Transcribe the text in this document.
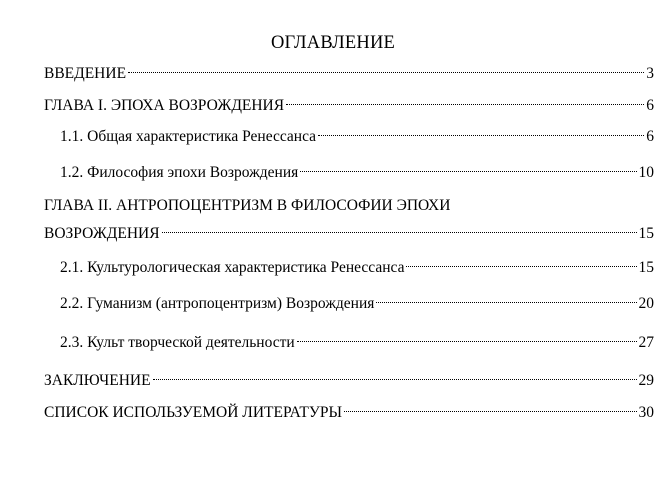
ОГЛАВЛЕНИЕ
ВВЕДЕНИЕ	3
ГЛАВА I. ЭПОХА ВОЗРОЖДЕНИЯ	6
1.1. Общая характеристика Ренессанса	6
1.2. Философия эпохи Возрождения	10
ГЛАВА II. АНТРОПОЦЕНТРИЗМ В ФИЛОСОФИИ ЭПОХИ
ВОЗРОЖДЕНИЯ	15
2.1. Культурологическая характеристика Ренессанса	15
2.2. Гуманизм (антропоцентризм) Возрождения	20
2.3. Культ творческой деятельности	27
ЗАКЛЮЧЕНИЕ	29
СПИСОК ИСПОЛЬЗУЕМОЙ ЛИТЕРАТУРЫ	30
